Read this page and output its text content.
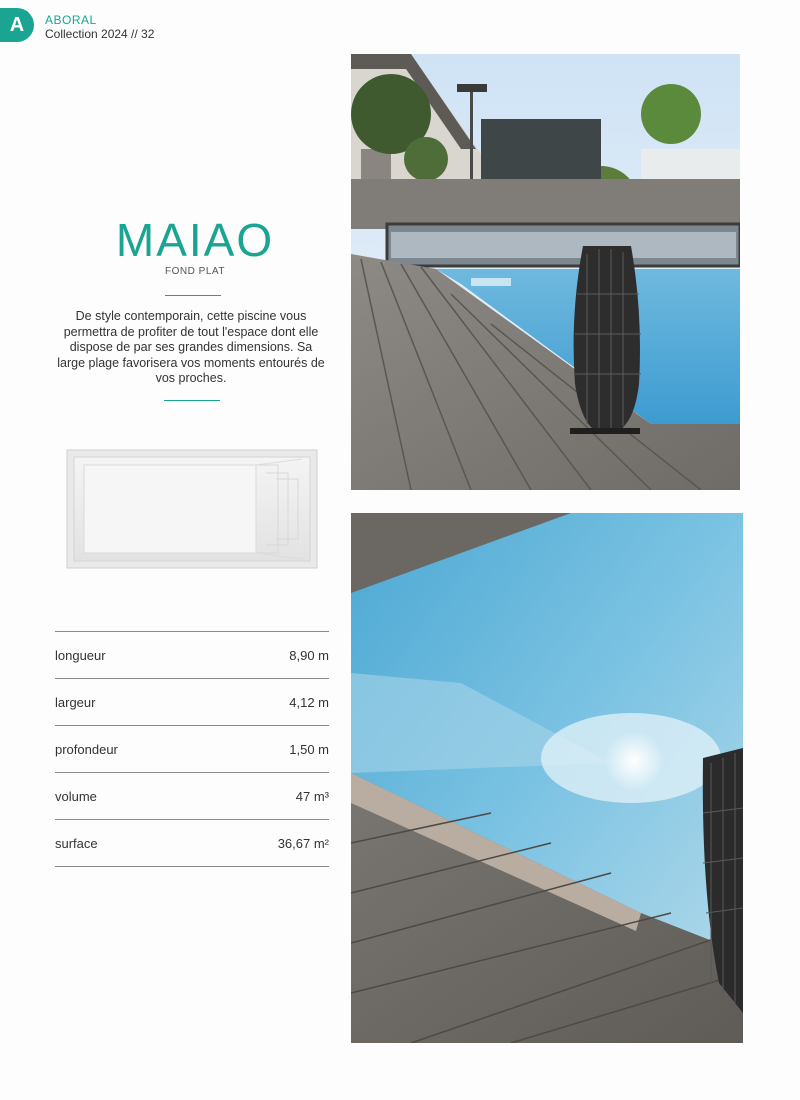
A ABORAL
Collection 2024 // 32
MAIAO
FOND PLAT
De style contemporain, cette piscine vous permettra de profiter de tout l'espace dont elle dispose de par ses grandes dimensions. Sa large plage favorisera vos moments entourés de vos proches.
longueur	8,90 m
largeur	4,12 m
profondeur	1,50 m
volume	47 m³
surface	36,67 m²
